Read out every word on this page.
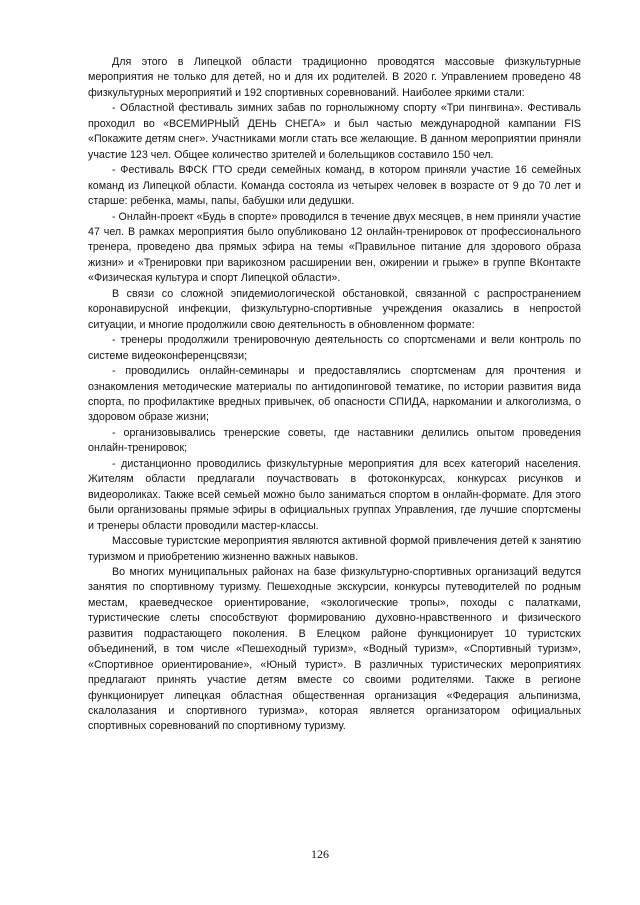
Для этого в Липецкой области традиционно проводятся массовые физкультурные мероприятия не только для детей, но и для их родителей. В 2020 г. Управлением проведено 48 физкультурных мероприятий и 192 спортивных соревнований. Наиболее яркими стали:

- Областной фестиваль зимних забав по горнолыжному спорту «Три пингвина». Фестиваль проходил во «ВСЕМИРНЫЙ ДЕНЬ СНЕГА» и был частью международной кампании FIS «Покажите детям снег». Участниками могли стать все желающие. В данном мероприятии приняли участие 123 чел. Общее количество зрителей и болельщиков составило 150 чел.

- Фестиваль ВФСК ГТО среди семейных команд, в котором приняли участие 16 семейных команд из Липецкой области. Команда состояла из четырех человек в возрасте от 9 до 70 лет и старше: ребенка, мамы, папы, бабушки или дедушки.

- Онлайн-проект «Будь в спорте» проводился в течение двух месяцев, в нем приняли участие 47 чел. В рамках мероприятия было опубликовано 12 онлайн-тренировок от профессионального тренера, проведено два прямых эфира на темы «Правильное питание для здорового образа жизни» и «Тренировки при варикозном расширении вен, ожирении и грыже» в группе ВКонтакте «Физическая культура и спорт Липецкой области».

В связи со сложной эпидемиологической обстановкой, связанной с распространением коронавирусной инфекции, физкультурно-спортивные учреждения оказались в непростой ситуации, и многие продолжили свою деятельность в обновленном формате:

- тренеры продолжили тренировочную деятельность со спортсменами и вели контроль по системе видеоконференцсвязи;

- проводились онлайн-семинары и предоставлялись спортсменам для прочтения и ознакомления методические материалы по антидопинговой тематике, по истории развития вида спорта, по профилактике вредных привычек, об опасности СПИДА, наркомании и алкоголизма, о здоровом образе жизни;

- организовывались тренерские советы, где наставники делились опытом проведения онлайн-тренировок;

- дистанционно проводились физкультурные мероприятия для всех категорий населения. Жителям области предлагали поучаствовать в фотоконкурсах, конкурсах рисунков и видеороликах. Также всей семьей можно было заниматься спортом в онлайн-формате. Для этого были организованы прямые эфиры в официальных группах Управления, где лучшие спортсмены и тренеры области проводили мастер-классы.

Массовые туристские мероприятия являются активной формой привлечения детей к занятию туризмом и приобретению жизненно важных навыков.

Во многих муниципальных районах на базе физкультурно-спортивных организаций ведутся занятия по спортивному туризму. Пешеходные экскурсии, конкурсы путеводителей по родным местам, краеведческое ориентирование, «экологические тропы», походы с палатками, туристические слеты способствуют формированию духовно-нравственного и физического развития подрастающего поколения. В Елецком районе функционирует 10 туристских объединений, в том числе «Пешеходный туризм», «Водный туризм», «Спортивный туризм», «Спортивное ориентирование», «Юный турист». В различных туристических мероприятиях предлагают принять участие детям вместе со своими родителями. Также в регионе функционирует липецкая областная общественная организация «Федерация альпинизма, скалолазания и спортивного туризма», которая является организатором официальных спортивных соревнований по спортивному туризму.

126
